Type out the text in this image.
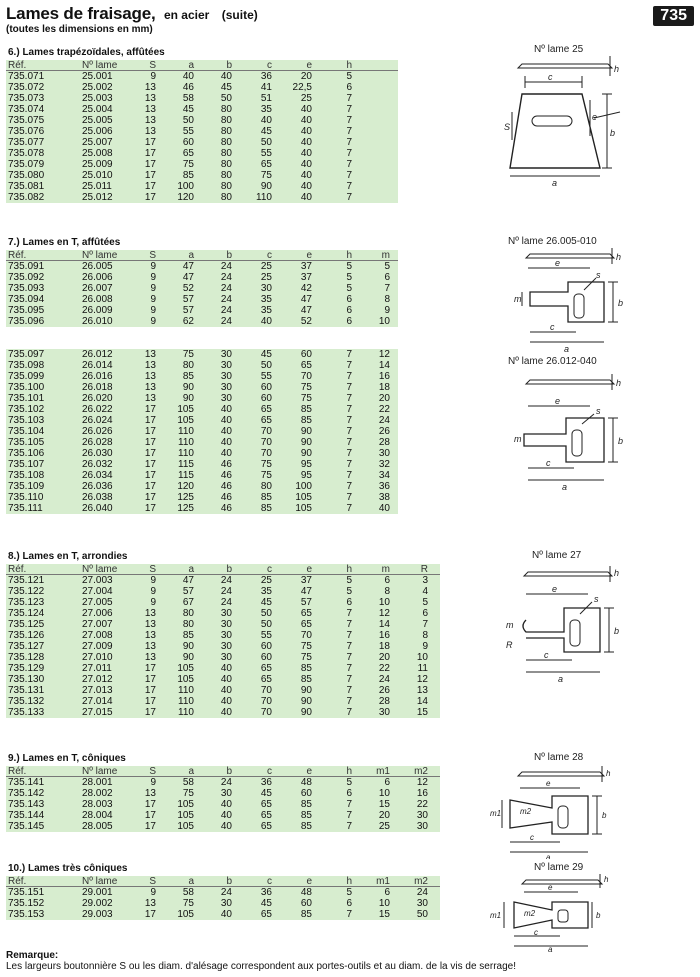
Lames de fraisage, en acier (suite)
(toutes les dimensions en mm)
735
6.) Lames trapézoïdales, affûtées
Réf.	Nº lame	S	a	b	c	e	h
735.071	25.001	9	40	40	36	20	5
735.072	25.002	13	46	45	41	22,5	6
735.073	25.003	13	58	50	51	25	7
735.074	25.004	13	45	80	35	40	7
735.075	25.005	13	50	80	40	40	7
735.076	25.006	13	55	80	45	40	7
735.077	25.007	17	60	80	50	40	7
735.078	25.008	17	65	80	55	40	7
735.079	25.009	17	75	80	65	40	7
735.080	25.010	17	85	80	75	40	7
735.081	25.011	17	100	80	90	40	7
735.082	25.012	17	120	80	110	40	7
7.) Lames en T, affûtées
Réf.	Nº lame	S	a	b	c	e	h	m
735.091	26.005	9	47	24	25	37	5	5
735.092	26.006	9	47	24	25	37	5	6
735.093	26.007	9	52	24	30	42	5	7
735.094	26.008	9	57	24	35	47	6	8
735.095	26.009	9	57	24	35	47	6	9
735.096	26.010	9	62	24	40	52	6	10
735.097	26.012	13	75	30	45	60	7	12
735.098	26.014	13	80	30	50	65	7	14
735.099	26.016	13	85	30	55	70	7	16
735.100	26.018	13	90	30	60	75	7	18
735.101	26.020	13	90	30	60	75	7	20
735.102	26.022	17	105	40	65	85	7	22
735.103	26.024	17	105	40	65	85	7	24
735.104	26.026	17	110	40	70	90	7	26
735.105	26.028	17	110	40	70	90	7	28
735.106	26.030	17	110	40	70	90	7	30
735.107	26.032	17	115	46	75	95	7	32
735.108	26.034	17	115	46	75	95	7	34
735.109	26.036	17	120	46	80	100	7	36
735.110	26.038	17	125	46	85	105	7	38
735.111	26.040	17	125	46	85	105	7	40
8.) Lames en T, arrondies
Réf.	Nº lame	S	a	b	c	e	h	m	R
735.121	27.003	9	47	24	25	37	5	6	3
735.122	27.004	9	57	24	35	47	5	8	4
735.123	27.005	9	67	24	45	57	6	10	5
735.124	27.006	13	80	30	50	65	7	12	6
735.125	27.007	13	80	30	50	65	7	14	7
735.126	27.008	13	85	30	55	70	7	16	8
735.127	27.009	13	90	30	60	75	7	18	9
735.128	27.010	13	90	30	60	75	7	20	10
735.129	27.011	17	105	40	65	85	7	22	11
735.130	27.012	17	105	40	65	85	7	24	12
735.131	27.013	17	110	40	70	90	7	26	13
735.132	27.014	17	110	40	70	90	7	28	14
735.133	27.015	17	110	40	70	90	7	30	15
9.) Lames en T, côniques
Réf.	Nº lame	S	a	b	c	e	h	m1	m2
735.141	28.001	9	58	24	36	48	5	6	12
735.142	28.002	13	75	30	45	60	6	10	16
735.143	28.003	17	105	40	65	85	7	15	22
735.144	28.004	17	105	40	65	85	7	20	30
735.145	28.005	17	105	40	65	85	7	25	30
10.) Lames très côniques
Réf.	Nº lame	S	a	b	c	e	h	m1	m2
735.151	29.001	9	58	24	36	48	5	6	24
735.152	29.002	13	75	30	45	60	6	10	30
735.153	29.003	17	105	40	65	85	7	15	50
Nº lame 25
c
e
S
b
a
h
Nº lame 26.005-010
e
s
m	b
c
a
h
Nº lame 26.012-040
e
s
m	b
c
a
h
Nº lame 27
e
s
m
R
b
c
a
h
Nº lame 28
e
m1 m2	b
c
a
h
Nº lame 29
e
m1	m2	b
c
a
h
Remarque:
Les largeurs boutonnière S ou les diam. d'alésage correspondent aux portes-outils et au diam. de la vis de serrage!
